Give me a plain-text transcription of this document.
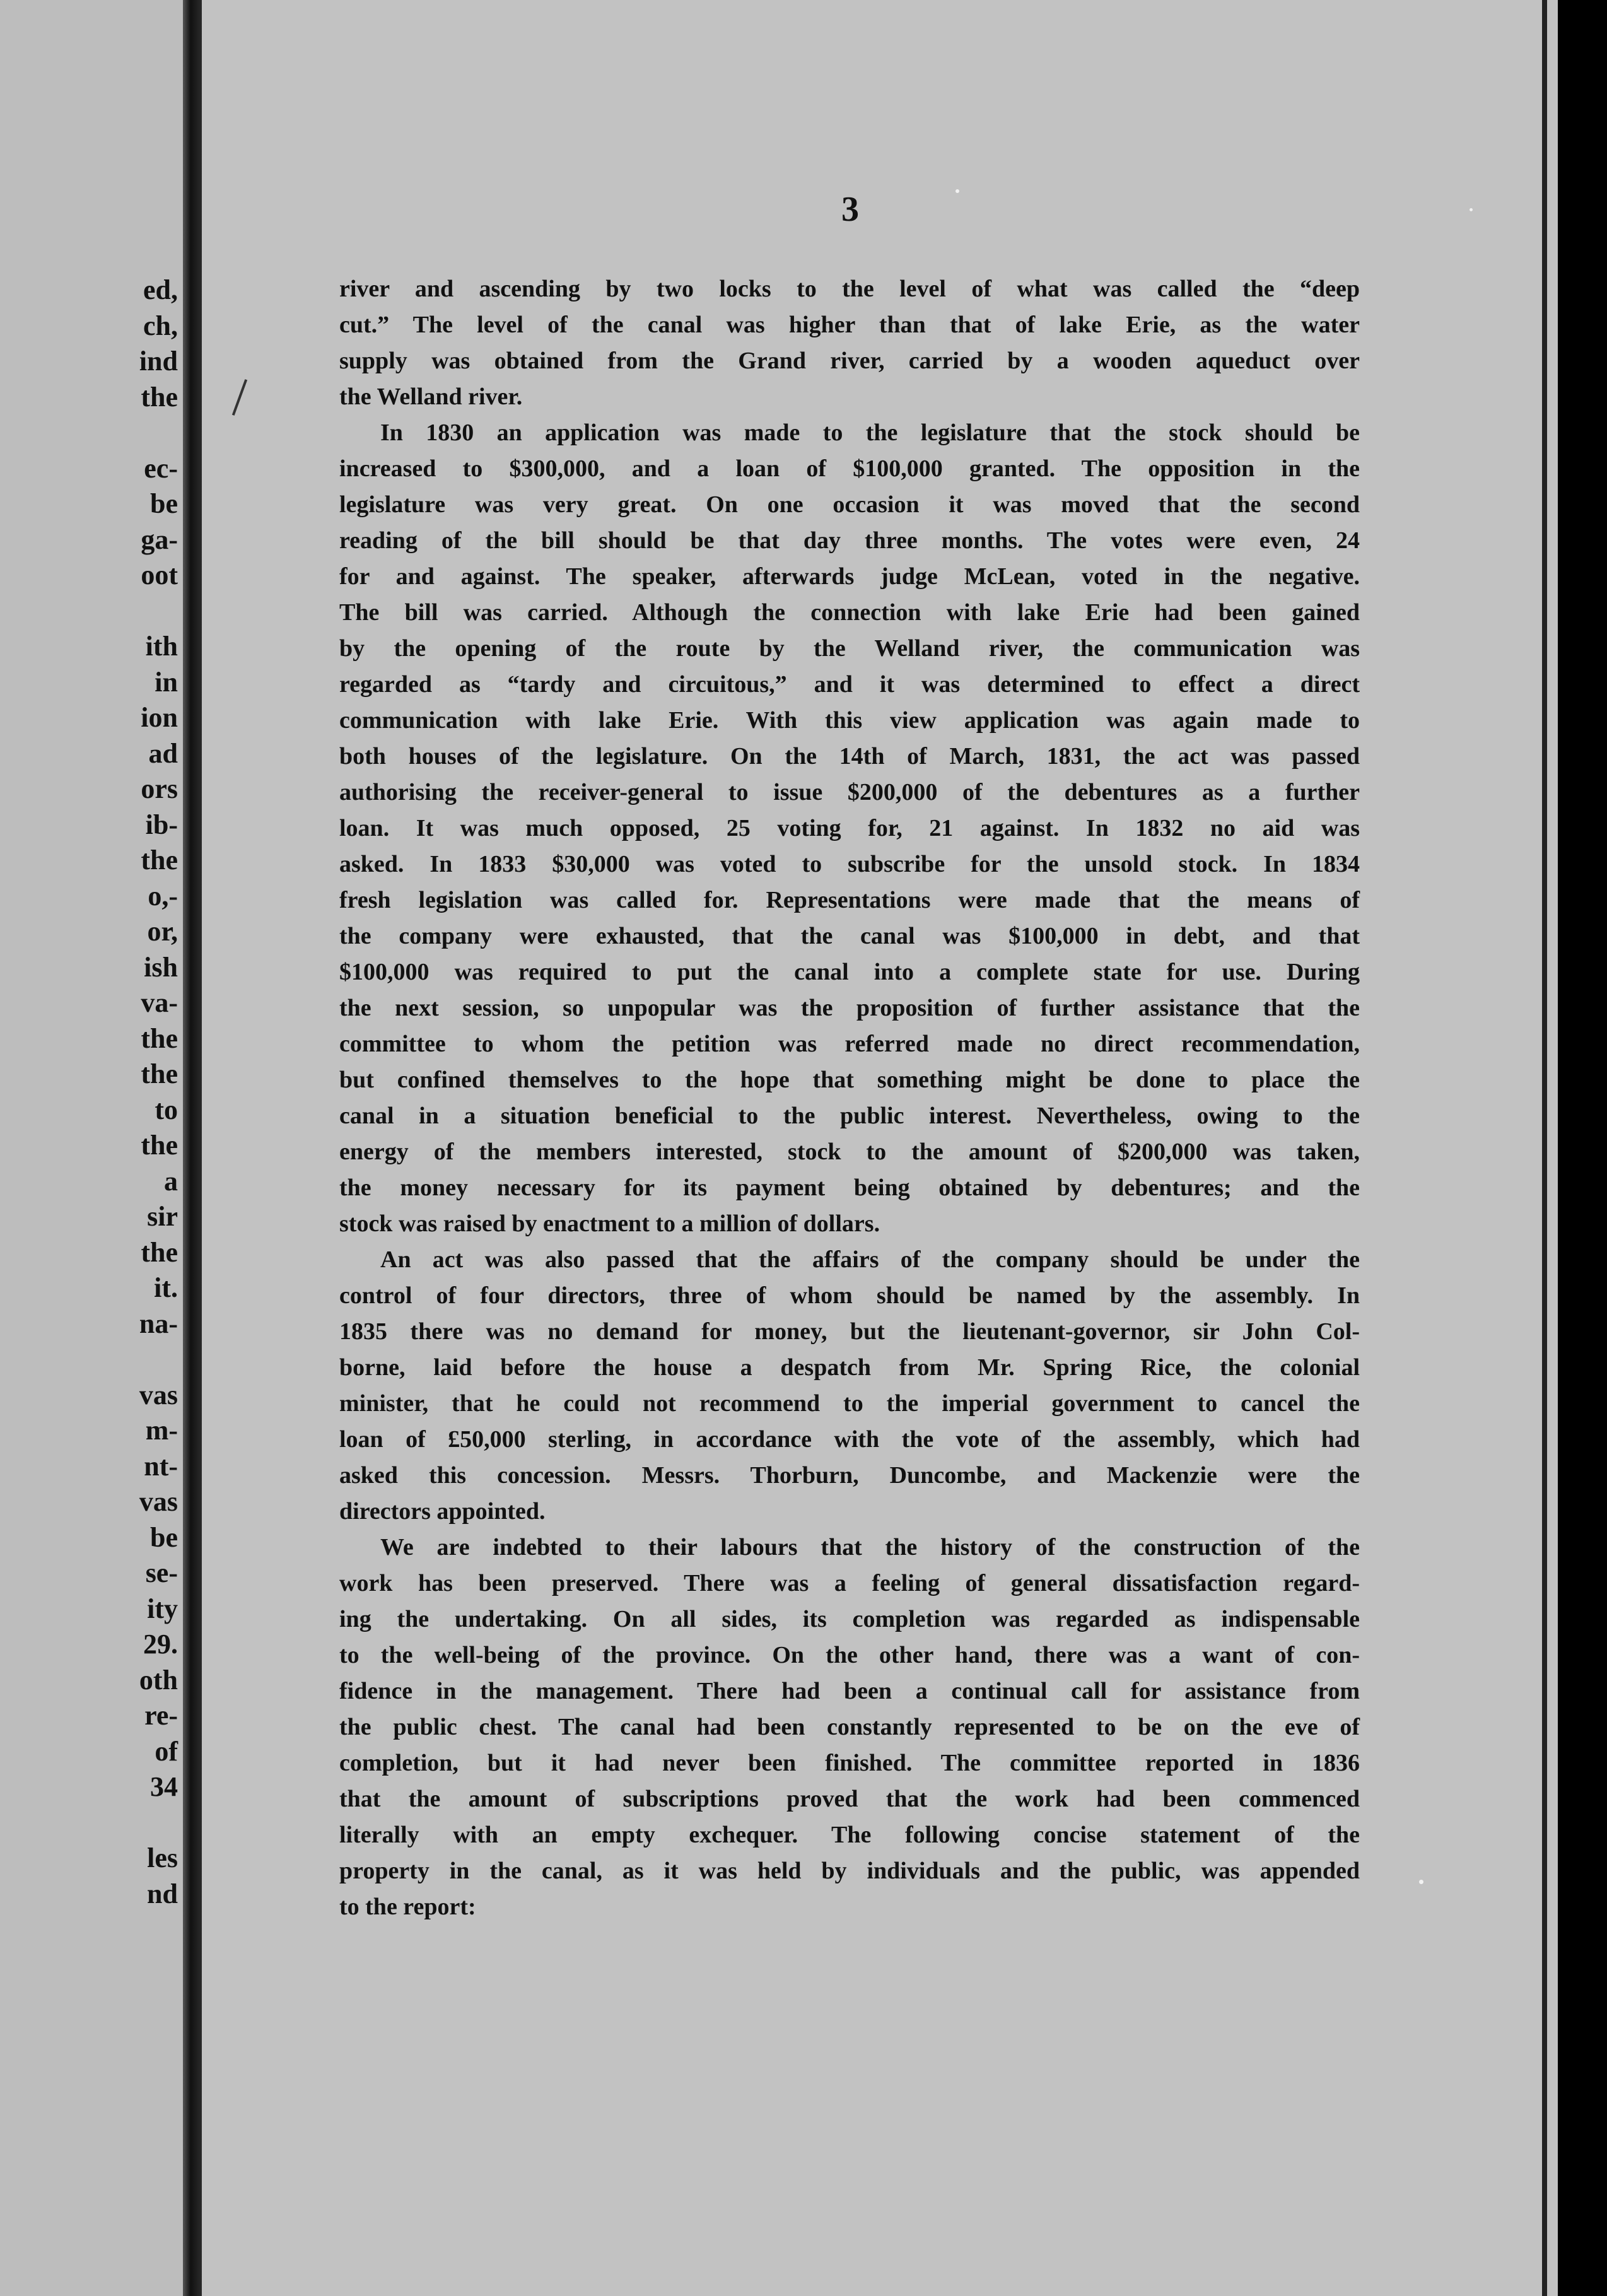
ed,
ch,
ind
the
ec-
be
ga-
oot
ith
in
ion
ad
ors
ib-
the
o,-
or,
ish
va-
the
the
to
the
a
sir
the
it.
na-
vas
m-
nt-
vas
be
se-
ity
29.
oth
re-
of
34
les
nd
3
river and ascending by two locks to the level of what was called the “deep
cut.” The level of the canal was higher than that of lake Erie, as the water
supply was obtained from the Grand river, carried by a wooden aqueduct over
the Welland river.
In 1830 an application was made to the legislature that the stock should be
increased to $300,000, and a loan of $100,000 granted. The opposition in the
legislature was very great. On one occasion it was moved that the second
reading of the bill should be that day three months. The votes were even, 24
for and against. The speaker, afterwards judge McLean, voted in the negative.
The bill was carried. Although the connection with lake Erie had been gained
by the opening of the route by the Welland river, the communication was
regarded as “tardy and circuitous,” and it was determined to effect a direct
communication with lake Erie. With this view application was again made to
both houses of the legislature. On the 14th of March, 1831, the act was passed
authorising the receiver-general to issue $200,000 of the debentures as a further
loan. It was much opposed, 25 voting for, 21 against. In 1832 no aid was
asked. In 1833 $30,000 was voted to subscribe for the unsold stock. In 1834
fresh legislation was called for. Representations were made that the means of
the company were exhausted, that the canal was $100,000 in debt, and that
$100,000 was required to put the canal into a complete state for use. During
the next session, so unpopular was the proposition of further assistance that the
committee to whom the petition was referred made no direct recommendation,
but confined themselves to the hope that something might be done to place the
canal in a situation beneficial to the public interest. Nevertheless, owing to the
energy of the members interested, stock to the amount of $200,000 was taken,
the money necessary for its payment being obtained by debentures; and the
stock was raised by enactment to a million of dollars.
An act was also passed that the affairs of the company should be under the
control of four directors, three of whom should be named by the assembly. In
1835 there was no demand for money, but the lieutenant-governor, sir John Col-
borne, laid before the house a despatch from Mr. Spring Rice, the colonial
minister, that he could not recommend to the imperial government to cancel the
loan of £50,000 sterling, in accordance with the vote of the assembly, which had
asked this concession. Messrs. Thorburn, Duncombe, and Mackenzie were the
directors appointed.
We are indebted to their labours that the history of the construction of the
work has been preserved. There was a feeling of general dissatisfaction regard-
ing the undertaking. On all sides, its completion was regarded as indispensable
to the well-being of the province. On the other hand, there was a want of con-
fidence in the management. There had been a continual call for assistance from
the public chest. The canal had been constantly represented to be on the eve of
completion, but it had never been finished. The committee reported in 1836
that the amount of subscriptions proved that the work had been commenced
literally with an empty exchequer. The following concise statement of the
property in the canal, as it was held by individuals and the public, was appended
to the report:
